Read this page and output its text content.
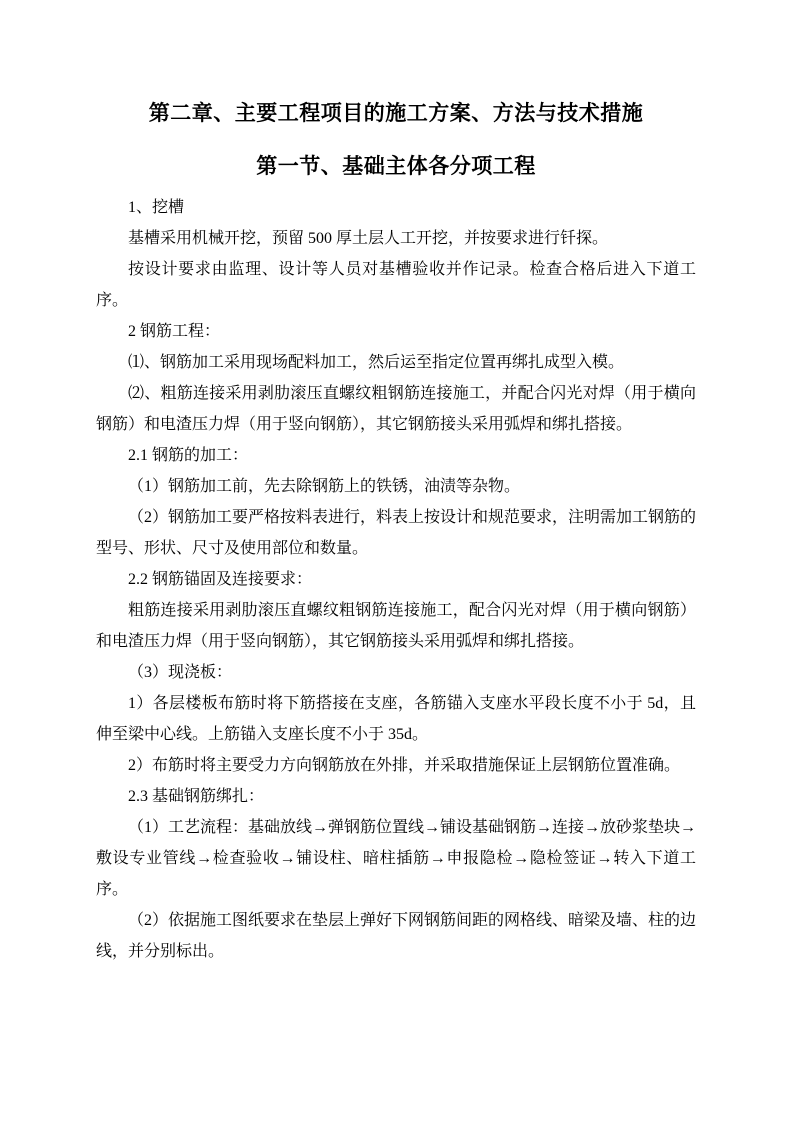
第二章、主要工程项目的施工方案、方法与技术措施
第一节、基础主体各分项工程

1、挖槽

基槽采用机械开挖，预留 500 厚土层人工开挖，并按要求进行钎探。

按设计要求由监理、设计等人员对基槽验收并作记录。检查合格后进入下道工序。

2 钢筋工程：

⑴、钢筋加工采用现场配料加工，然后运至指定位置再绑扎成型入模。

⑵、粗筋连接采用剥肋滚压直螺纹粗钢筋连接施工，并配合闪光对焊（用于横向钢筋）和电渣压力焊（用于竖向钢筋），其它钢筋接头采用弧焊和绑扎搭接。

2.1 钢筋的加工：

（1）钢筋加工前，先去除钢筋上的铁锈，油渍等杂物。

（2）钢筋加工要严格按料表进行，料表上按设计和规范要求，注明需加工钢筋的型号、形状、尺寸及使用部位和数量。

2.2 钢筋锚固及连接要求：

粗筋连接采用剥肋滚压直螺纹粗钢筋连接施工，配合闪光对焊（用于横向钢筋）和电渣压力焊（用于竖向钢筋），其它钢筋接头采用弧焊和绑扎搭接。

（3）现浇板：

1）各层楼板布筋时将下筋搭接在支座，各筋锚入支座水平段长度不小于 5d，且伸至梁中心线。上筋锚入支座长度不小于 35d。

2）布筋时将主要受力方向钢筋放在外排，并采取措施保证上层钢筋位置准确。

2.3 基础钢筋绑扎：

（1）工艺流程：基础放线→弹钢筋位置线→铺设基础钢筋→连接→放砂浆垫块→敷设专业管线→检查验收→铺设柱、暗柱插筋→申报隐检→隐检签证→转入下道工序。

（2）依据施工图纸要求在垫层上弹好下网钢筋间距的网格线、暗梁及墙、柱的边线，并分别标出。
